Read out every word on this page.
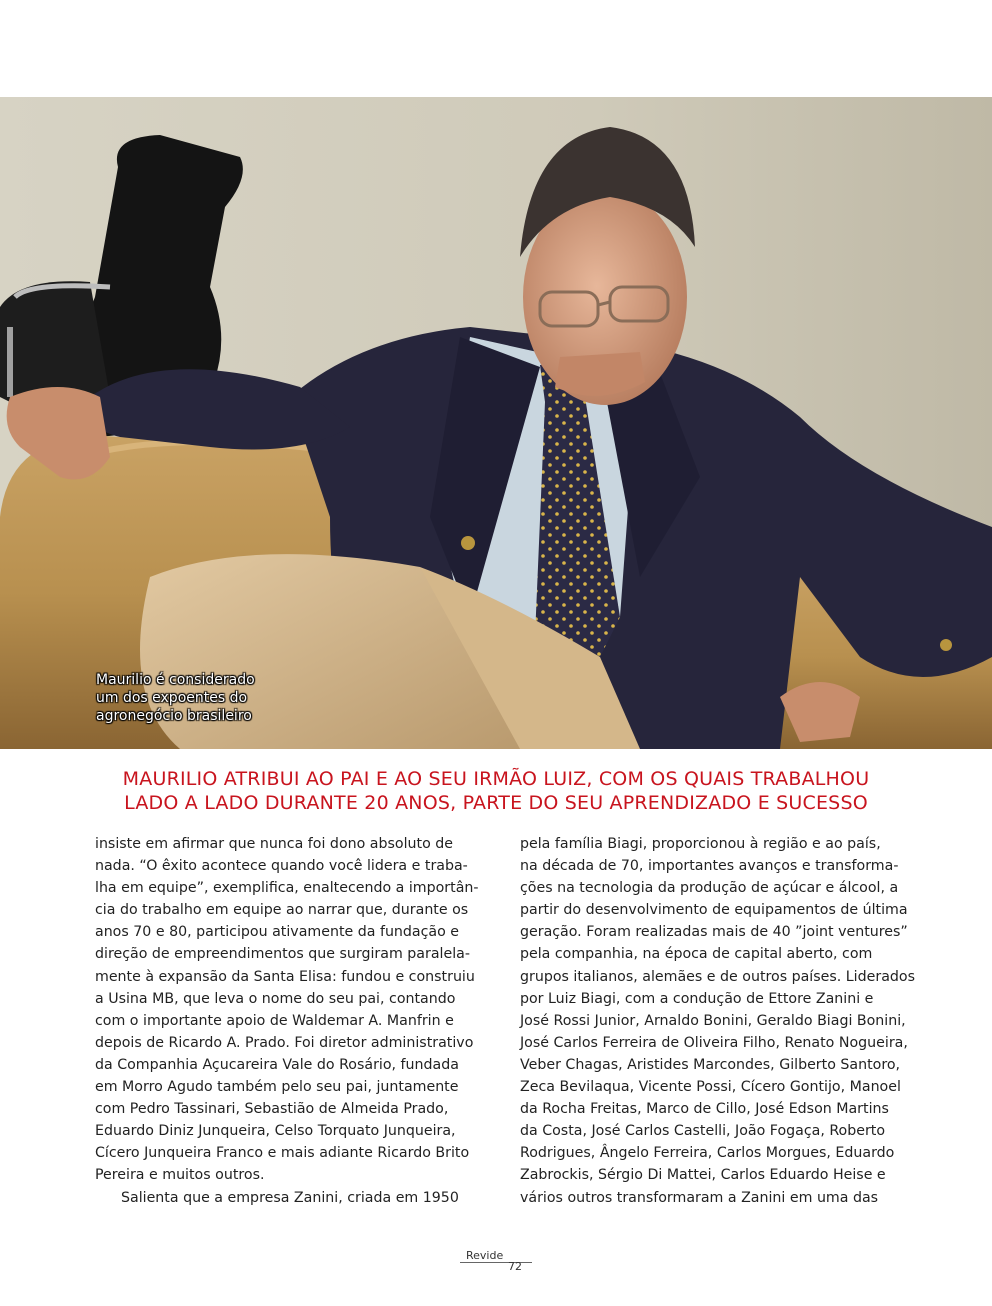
Maurilio é considerado
um dos expoentes do
agronegócio brasileiro
MAURILIO ATRIBUI AO PAI E AO SEU IRMÃO LUIZ, COM OS QUAIS TRABALHOU
LADO A LADO DURANTE 20 ANOS, PARTE DO SEU APRENDIZADO E SUCESSO
insiste em afirmar que nunca foi dono absoluto de
nada. “O êxito acontece quando você lidera e traba-
lha em equipe”, exemplifica, enaltecendo a importân-
cia do trabalho em equipe ao narrar que, durante os
anos 70 e 80, participou ativamente da fundação e
direção de empreendimentos que surgiram paralela-
mente à expansão da Santa Elisa: fundou e construiu
a Usina MB, que leva o nome do seu pai, contando
com o importante apoio de Waldemar A. Manfrin e
depois de Ricardo A. Prado. Foi diretor administrativo
da Companhia Açucareira Vale do Rosário, fundada
em Morro Agudo também pelo seu pai, juntamente
com Pedro Tassinari, Sebastião de Almeida Prado,
Eduardo Diniz Junqueira, Celso Torquato Junqueira,
Cícero Junqueira Franco e mais adiante Ricardo Brito
Pereira e muitos outros.
Salienta que a empresa Zanini, criada em 1950
pela família Biagi, proporcionou à região e ao país,
na década de 70, importantes avanços e transforma-
ções na tecnologia da produção de açúcar e álcool, a
partir do desenvolvimento de equipamentos de última
geração. Foram realizadas mais de 40 ”joint ventures”
pela companhia, na época de capital aberto, com
grupos italianos, alemães e de outros países. Liderados
por Luiz Biagi, com a condução de Ettore Zanini e
José Rossi Junior, Arnaldo Bonini, Geraldo Biagi Bonini,
José Carlos Ferreira de Oliveira Filho, Renato Nogueira,
Veber Chagas, Aristides Marcondes, Gilberto Santoro,
Zeca Bevilaqua, Vicente Possi, Cícero Gontijo, Manoel
da Rocha Freitas, Marco de Cillo, José Edson Martins
da Costa, José Carlos Castelli, João Fogaça, Roberto
Rodrigues, Ângelo Ferreira, Carlos Morgues, Eduardo
Zabrockis, Sérgio Di Mattei, Carlos Eduardo Heise e
vários outros transformaram a Zanini em uma das
Revide
72
